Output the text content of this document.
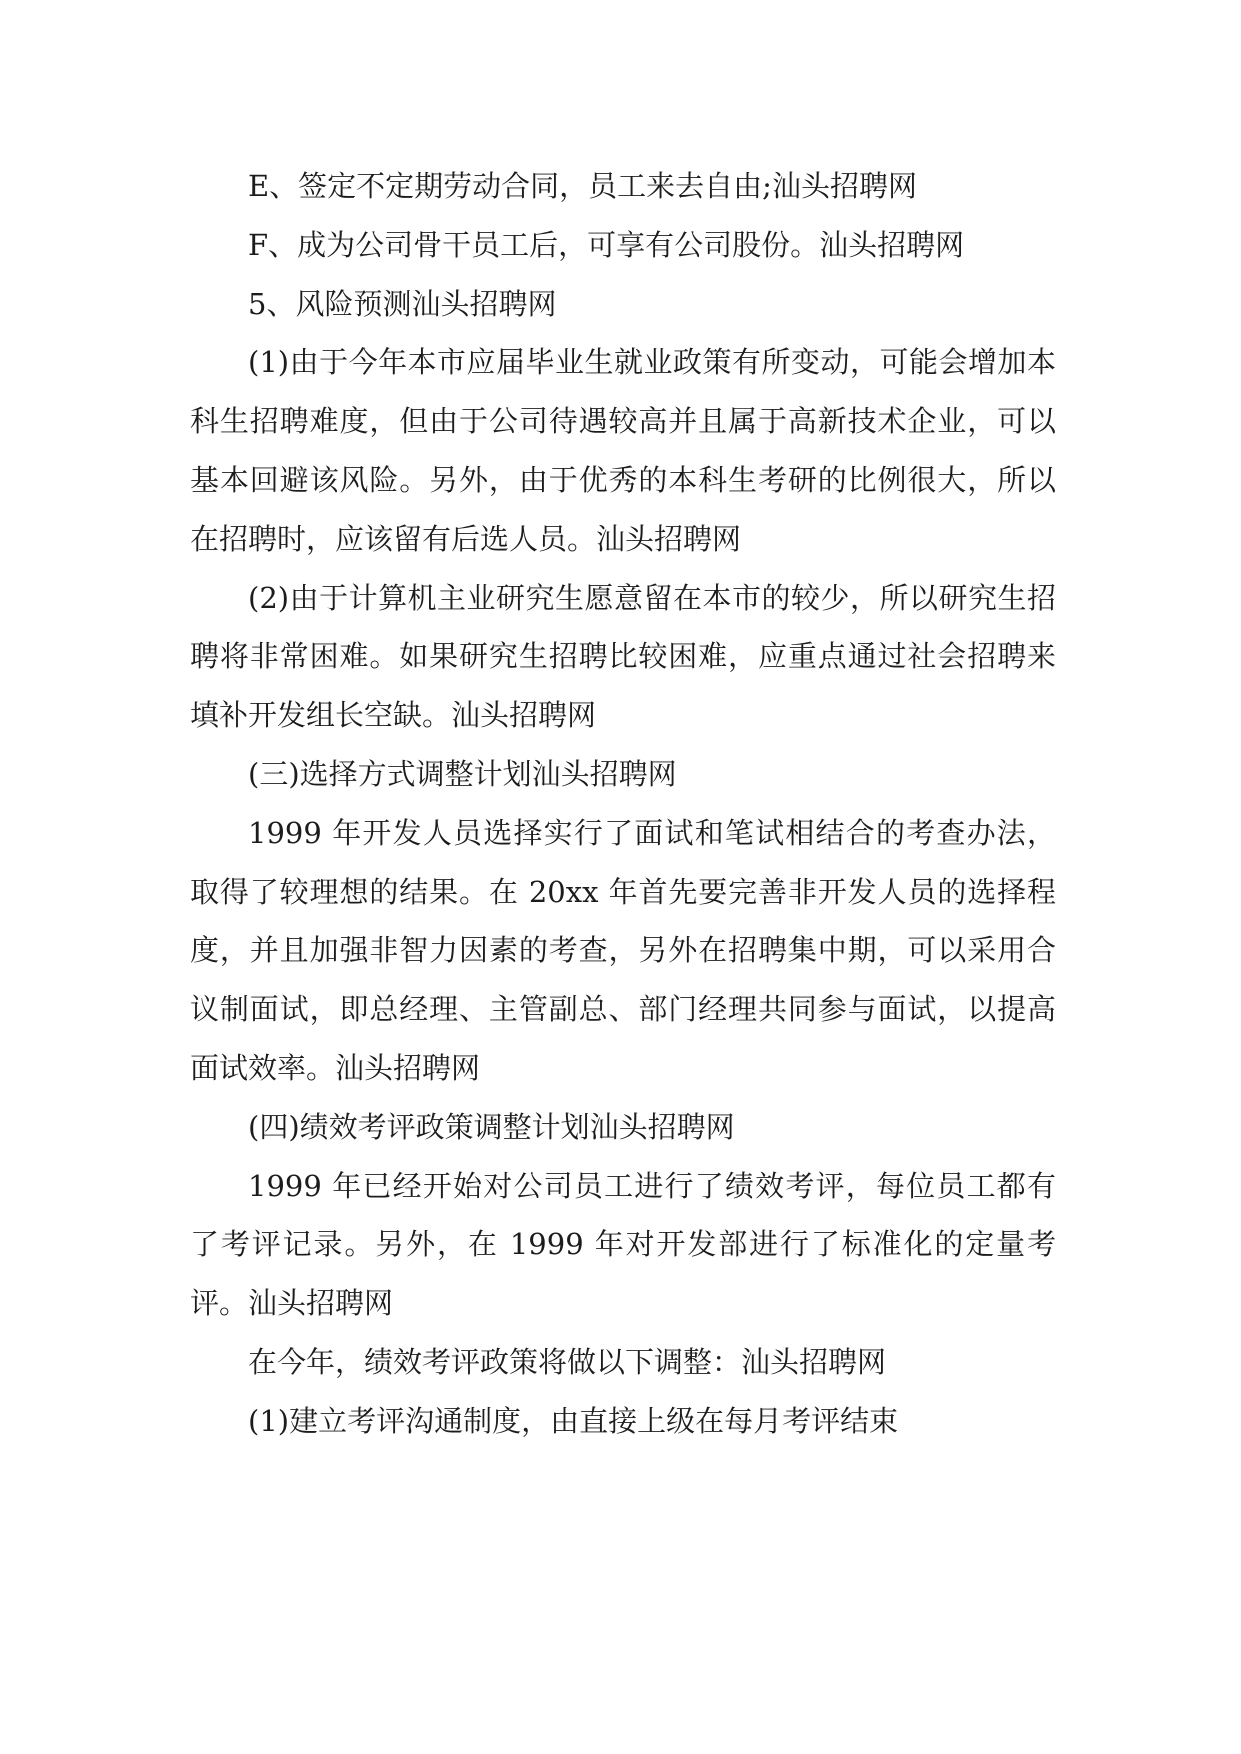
E、签定不定期劳动合同，员工来去自由;汕头招聘网

F、成为公司骨干员工后，可享有公司股份。汕头招聘网

5、风险预测汕头招聘网

(1)由于今年本市应届毕业生就业政策有所变动，可能会增加本科生招聘难度，但由于公司待遇较高并且属于高新技术企业，可以基本回避该风险。另外，由于优秀的本科生考研的比例很大，所以在招聘时，应该留有后选人员。汕头招聘网

(2)由于计算机主业研究生愿意留在本市的较少，所以研究生招聘将非常困难。如果研究生招聘比较困难，应重点通过社会招聘来填补开发组长空缺。汕头招聘网

(三)选择方式调整计划汕头招聘网

1999 年开发人员选择实行了面试和笔试相结合的考查办法，取得了较理想的结果。在 20xx 年首先要完善非开发人员的选择程度，并且加强非智力因素的考查，另外在招聘集中期，可以采用合议制面试，即总经理、主管副总、部门经理共同参与面试，以提高面试效率。汕头招聘网

(四)绩效考评政策调整计划汕头招聘网

1999 年已经开始对公司员工进行了绩效考评，每位员工都有了考评记录。另外，在 1999 年对开发部进行了标准化的定量考评。汕头招聘网

在今年，绩效考评政策将做以下调整：汕头招聘网

(1)建立考评沟通制度，由直接上级在每月考评结束
